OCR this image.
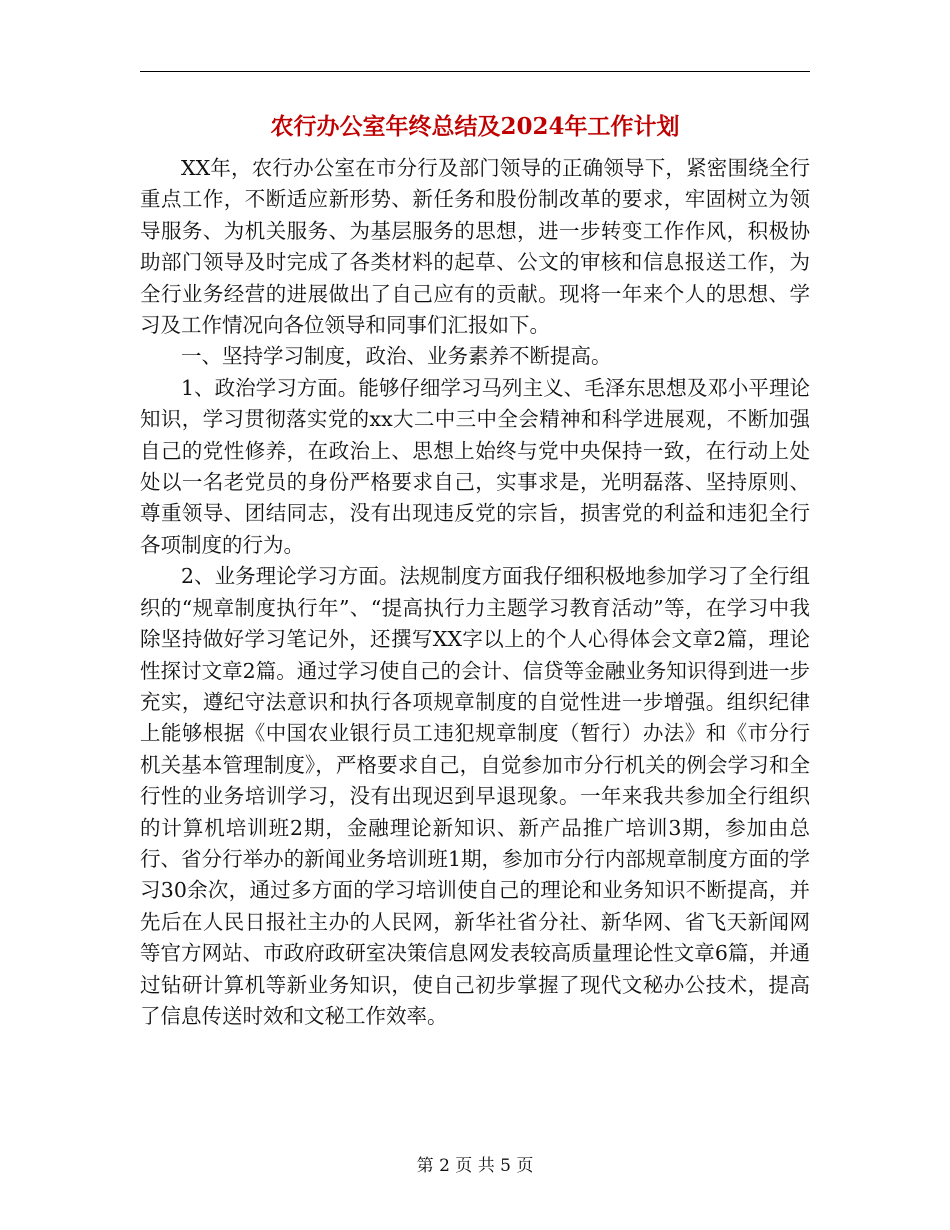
农行办公室年终总结及2024年工作计划

XX年，农行办公室在市分行及部门领导的正确领导下，紧密围绕全行重点工作，不断适应新形势、新任务和股份制改革的要求，牢固树立为领导服务、为机关服务、为基层服务的思想，进一步转变工作作风，积极协助部门领导及时完成了各类材料的起草、公文的审核和信息报送工作，为全行业务经营的进展做出了自己应有的贡献。现将一年来个人的思想、学习及工作情况向各位领导和同事们汇报如下。

一、坚持学习制度，政治、业务素养不断提高。

1、政治学习方面。能够仔细学习马列主义、毛泽东思想及邓小平理论知识，学习贯彻落实党的xx大二中三中全会精神和科学进展观，不断加强自己的党性修养，在政治上、思想上始终与党中央保持一致，在行动上处处以一名老党员的身份严格要求自己，实事求是，光明磊落、坚持原则、尊重领导、团结同志，没有出现违反党的宗旨，损害党的利益和违犯全行各项制度的行为。

2、业务理论学习方面。法规制度方面我仔细积极地参加学习了全行组织的“规章制度执行年”、“提高执行力主题学习教育活动”等，在学习中我除坚持做好学习笔记外，还撰写XX字以上的个人心得体会文章2篇，理论性探讨文章2篇。通过学习使自己的会计、信贷等金融业务知识得到进一步充实，遵纪守法意识和执行各项规章制度的自觉性进一步增强。组织纪律上能够根据《中国农业银行员工违犯规章制度（暂行）办法》和《市分行机关基本管理制度》，严格要求自己，自觉参加市分行机关的例会学习和全行性的业务培训学习，没有出现迟到早退现象。一年来我共参加全行组织的计算机培训班2期，金融理论新知识、新产品推广培训3期，参加由总行、省分行举办的新闻业务培训班1期，参加市分行内部规章制度方面的学习30余次，通过多方面的学习培训使自己的理论和业务知识不断提高，并先后在人民日报社主办的人民网，新华社省分社、新华网、省飞天新闻网等官方网站、市政府政研室决策信息网发表较高质量理论性文章6篇，并通过钻研计算机等新业务知识，使自己初步掌握了现代文秘办公技术，提高了信息传送时效和文秘工作效率。

第 2 页 共 5 页
